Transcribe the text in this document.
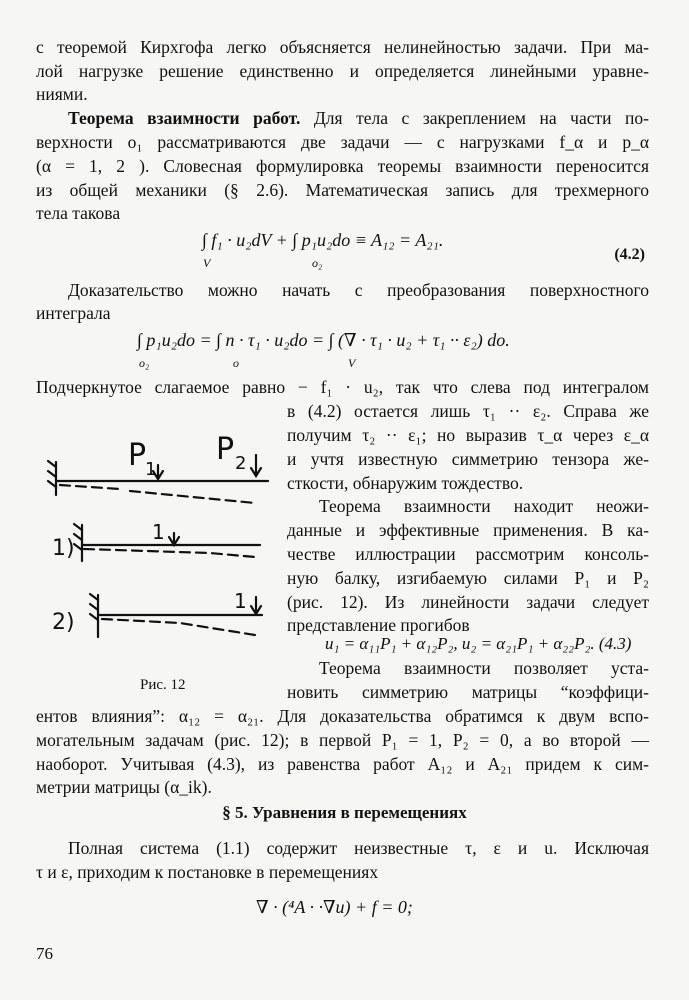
с теоремой Кирхгофа легко объясняется нелинейностью задачи. При ма-
лой нагрузке решение единственно и определяется линейными уравне-
ниями.
Теорема взаимности работ. Для тела с закреплением на части по-
верхности o₁ рассматриваются две задачи — с нагрузками f_α и p_α
(α = 1, 2 ). Словесная формулировка теоремы взаимности переносится
из общей механики (§ 2.6). Математическая запись для трехмерного
тела такова
∫ f₁ · u₂dV + ∫ p₁u₂do ≡ A₁₂ = A₂₁.
V	o₂	(4.2)
Доказательство можно начать с преобразования поверхностного
интеграла
∫ p₁u₂do = ∫ n · τ₁ · u₂do = ∫ (∇ · τ₁ · u₂ + τ₁ ·· ε₂) do.
o₂	o	V
Подчеркнутое слагаемое равно − f₁ · u₂, так что слева под интегралом
в (4.2) остается лишь τ₁ ·· ε₂. Справа же
получим τ₂ ·· ε₁; но выразив τ_α через ε_α
и учтя известную симметрию тензора же-
сткости, обнаружим тождество.
Теорема взаимности находит неожи-
данные и эффективные применения. В ка-
честве иллюстрации рассмотрим консоль-
ную балку, изгибаемую силами P₁ и P₂
(рис. 12). Из линейности задачи следует
представление прогибов
u₁ = α₁₁P₁ + α₁₂P₂, u₂ = α₂₁P₁ + α₂₂P₂. (4.3)
Теорема взаимности позволяет уста-
новить симметрию матрицы “коэффици-
P
1
P 2
1)
1
2)
1
Рис. 12
ентов влияния”: α₁₂ = α₂₁. Для доказательства обратимся к двум вспо-
могательным задачам (рис. 12); в первой P₁ = 1, P₂ = 0, а во второй —
наоборот. Учитывая (4.3), из равенства работ A₁₂ и A₂₁ придем к сим-
метрии матрицы (α_ik).
§ 5. Уравнения в перемещениях
Полная система (1.1) содержит неизвестные τ, ε и u. Исключая
τ и ε, приходим к постановке в перемещениях
∇ · (⁴A · ·∇u) + f = 0;
76
